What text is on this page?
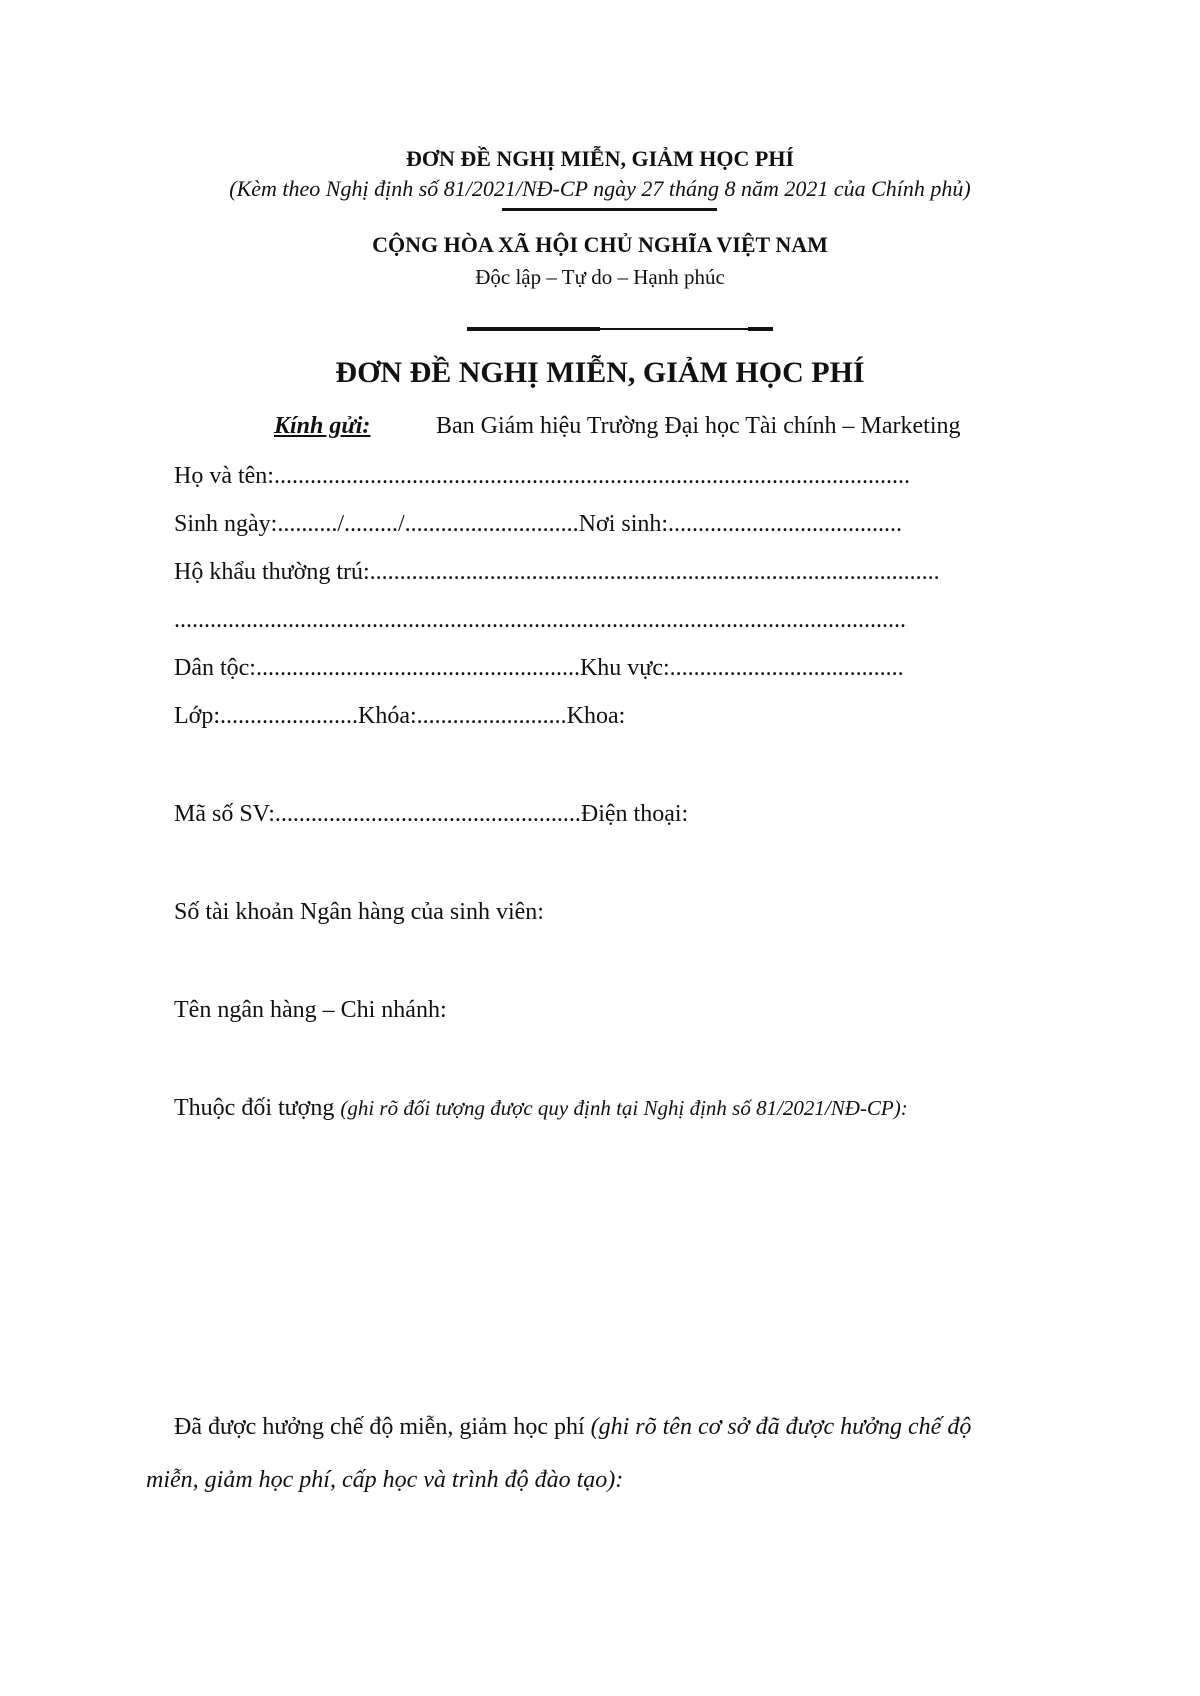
ĐƠN ĐỀ NGHỊ MIỄN, GIẢM HỌC PHÍ
(Kèm theo Nghị định số 81/2021/NĐ-CP ngày 27 tháng 8 năm 2021 của Chính phủ)
CỘNG HÒA XÃ HỘI CHỦ NGHĨA VIỆT NAM
Độc lập – Tự do – Hạnh phúc
ĐƠN ĐỀ NGHỊ MIỄN, GIẢM HỌC PHÍ
Kính gửi:	Ban Giám hiệu Trường Đại học Tài chính – Marketing
Họ và tên:..........................................................................................................
Sinh ngày:........../........./.............................Nơi sinh:.......................................
Hộ khẩu thường trú:...............................................................................................
..........................................................................................................................
Dân tộc:......................................................Khu vực:.......................................
Lớp:.......................Khóa:.........................Khoa:
Mã số SV:...................................................Điện thoại:
Số tài khoản Ngân hàng của sinh viên:
Tên ngân hàng – Chi nhánh:
Thuộc đối tượng (ghi rõ đối tượng được quy định tại Nghị định số 81/2021/NĐ-CP):
Đã được hưởng chế độ miễn, giảm học phí (ghi rõ tên cơ sở đã được hưởng chế độ
miễn, giảm học phí, cấp học và trình độ đào tạo):
